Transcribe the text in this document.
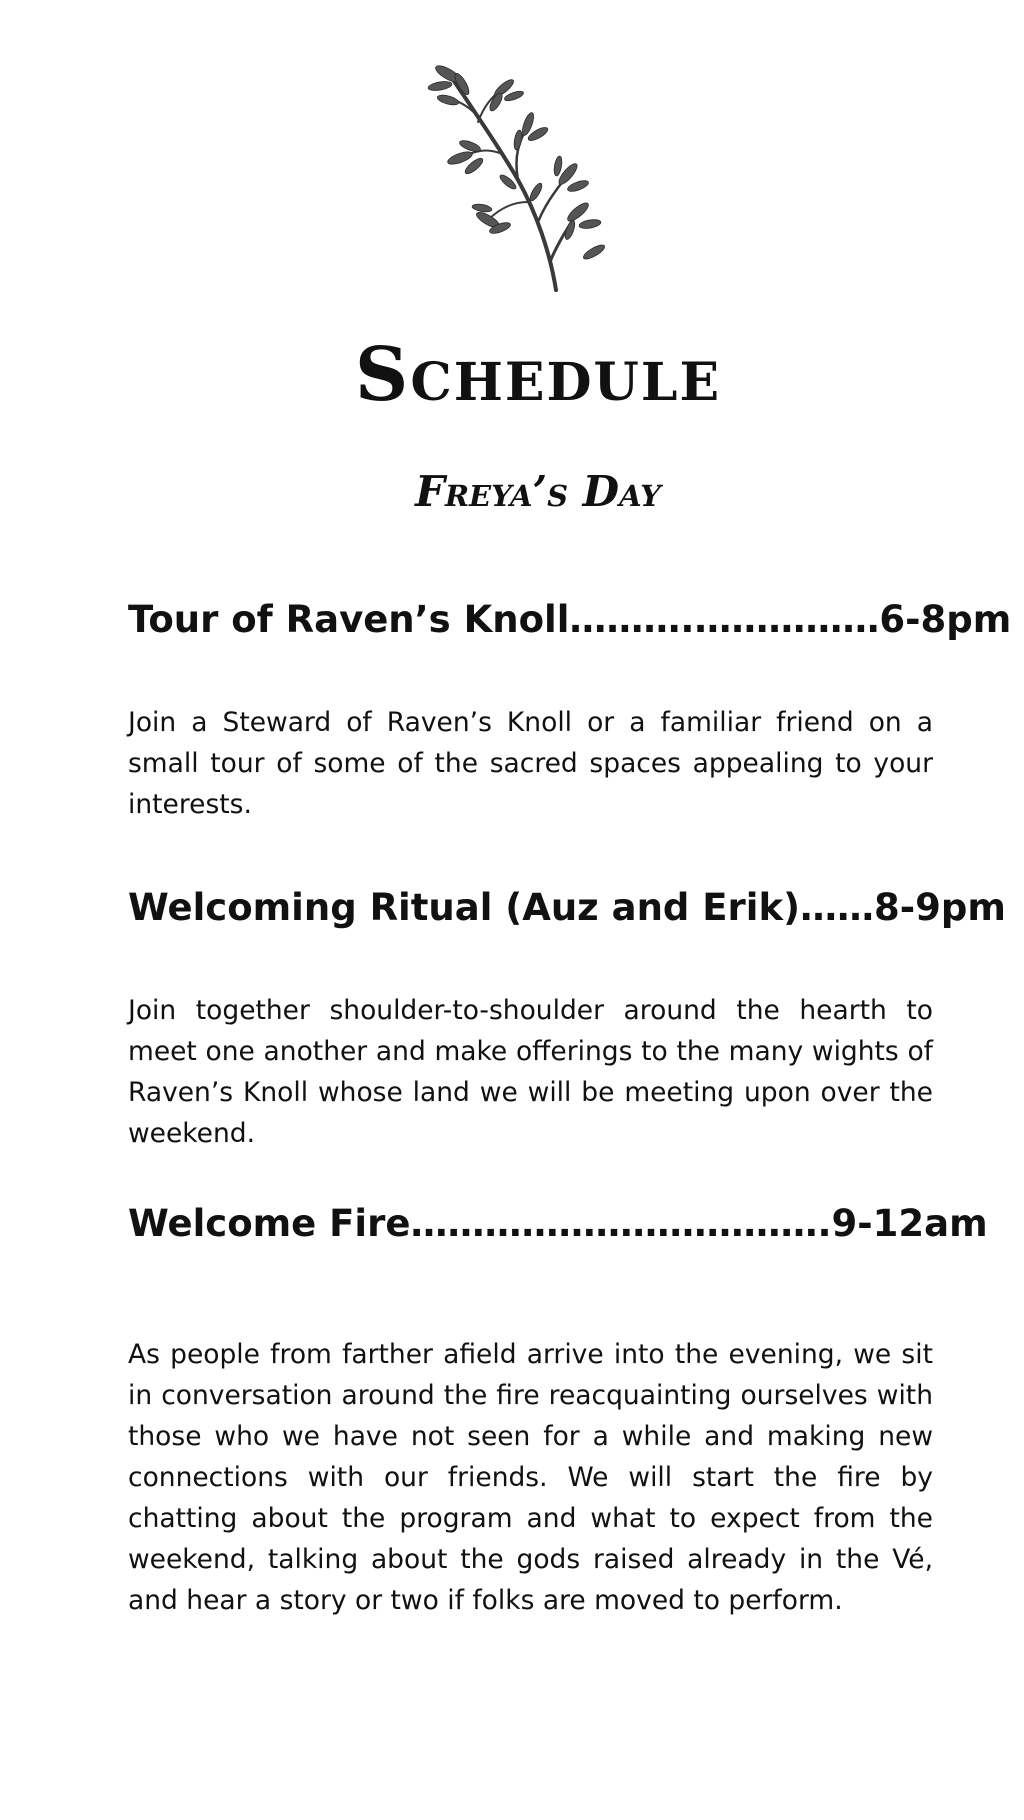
Schedule
Freya’s Day
Tour of Raven’s Knoll……….……………6-8pm

Join a Steward of Raven’s Knoll or a familiar friend on a small tour of some of the sacred spaces appealing to your interests.

Welcoming Ritual (Auz and Erik)……8-9pm

Join together shoulder-to-shoulder around the hearth to meet one another and make offerings to the many wights of Raven’s Knoll whose land we will be meeting upon over the weekend.

Welcome Fire…………………………….9-12am

As people from farther afield arrive into the evening, we sit in conversation around the fire reacquainting ourselves with those who we have not seen for a while and making new connections with our friends. We will start the fire by chatting about the program and what to expect from the weekend, talking about the gods raised already in the Vé, and hear a story or two if folks are moved to perform.
